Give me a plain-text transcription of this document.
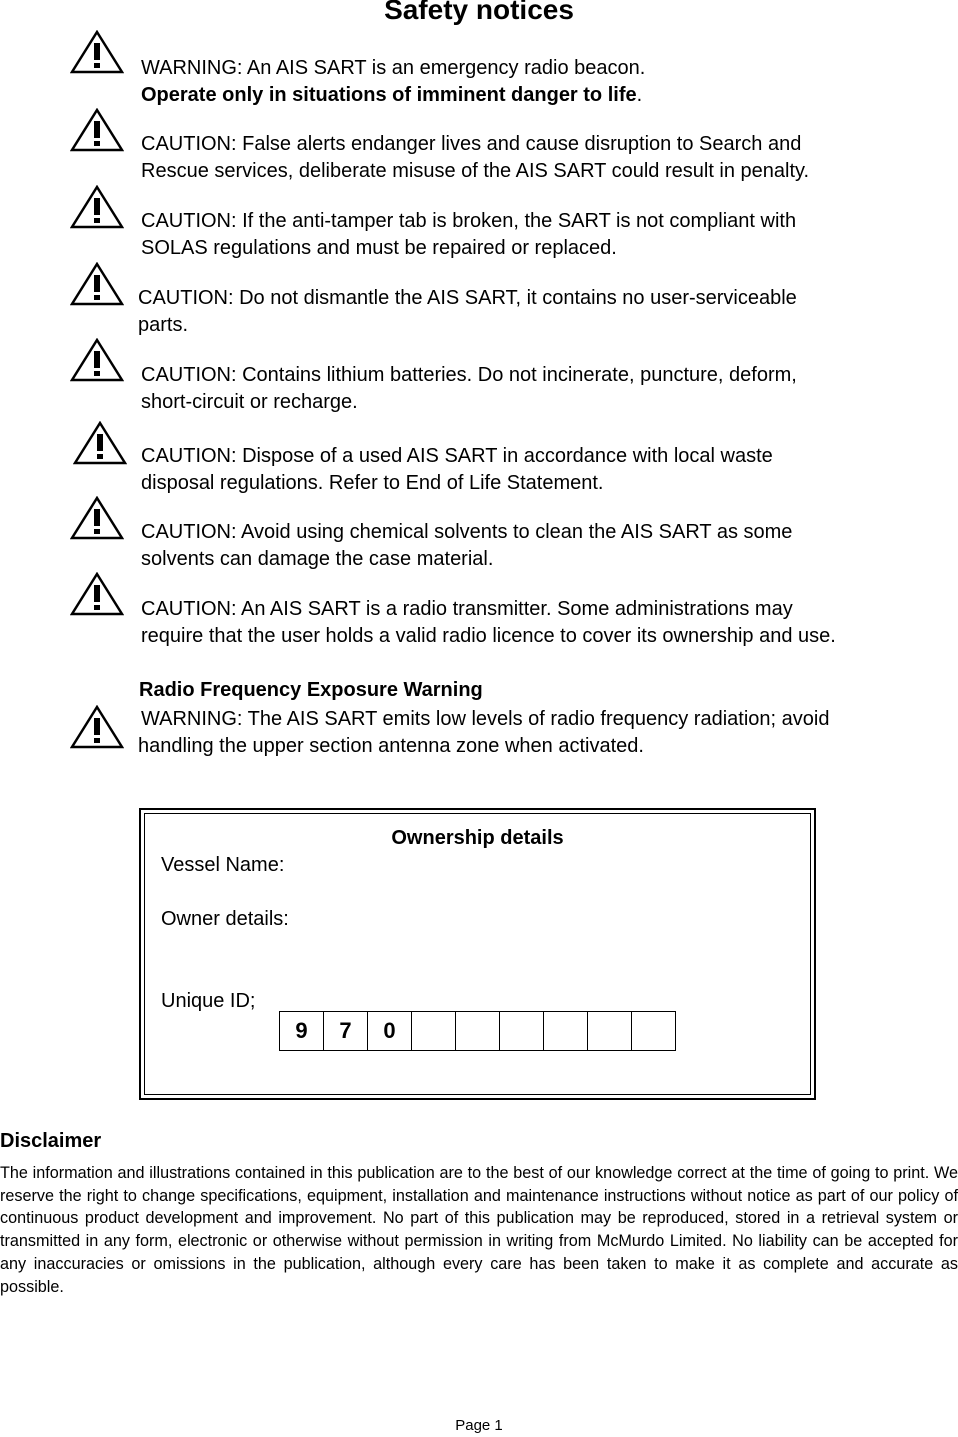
Safety notices
WARNING: An AIS SART is an emergency radio beacon.
Operate only in situations of imminent danger to life.
CAUTION: False alerts endanger lives and cause disruption to Search and
Rescue services, deliberate misuse of the AIS SART could result in penalty.
CAUTION: If the anti-tamper tab is broken, the SART is not compliant with
SOLAS regulations and must be repaired or replaced.
CAUTION: Do not dismantle the AIS SART, it contains no user-serviceable
parts.
CAUTION: Contains lithium batteries. Do not incinerate, puncture, deform,
short-circuit or recharge.
CAUTION: Dispose of a used AIS SART in accordance with local waste
disposal regulations. Refer to End of Life Statement.
CAUTION: Avoid using chemical solvents to clean the AIS SART as some
solvents can damage the case material.
CAUTION: An AIS SART is a radio transmitter. Some administrations may
require that the user holds a valid radio licence to cover its ownership and use.
Radio Frequency Exposure Warning
WARNING: The AIS SART emits low levels of radio frequency radiation; avoid
handling the upper section antenna zone when activated.
Ownership details
Vessel Name:
Owner details:
Unique ID;
9	7	0
Disclaimer
The information and illustrations contained in this publication are to the best of our knowledge correct at the time of going to print. We reserve the right to change specifications, equipment, installation and maintenance instructions without notice as part of our policy of continuous product development and improvement. No part of this publication may be reproduced, stored in a retrieval system or transmitted in any form, electronic or otherwise without permission in writing from McMurdo Limited. No liability can be accepted for any inaccuracies or omissions in the publication, although every care has been taken to make it as complete and accurate as possible.
Page 1
